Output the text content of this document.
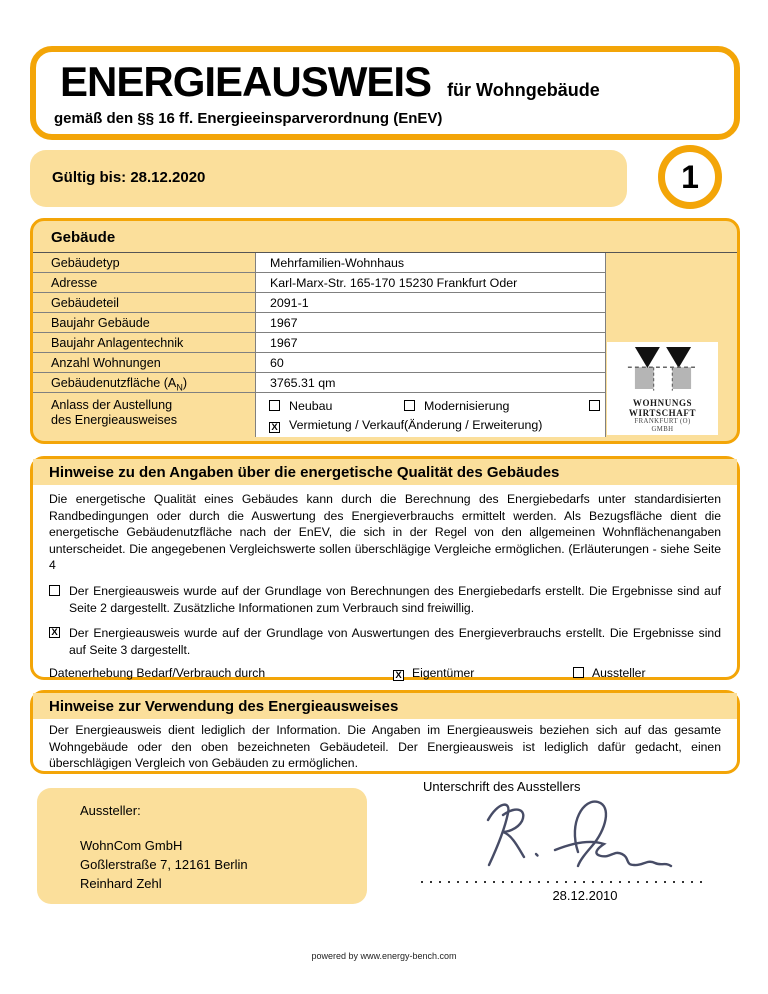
ENERGIEAUSWEIS für Wohngebäude
gemäß den §§ 16 ff. Energieeinsparverordnung (EnEV)
Gültig bis: 28.12.2020	1
Gebäude
Gebäudetyp	Mehrfamilien-Wohnhaus
Adresse	Karl-Marx-Str. 165-170 15230 Frankfurt Oder
Gebäudeteil	2091-1
Baujahr Gebäude	1967
Baujahr Anlagentechnik	1967
Anzahl Wohnungen	60
Gebäudenutzfläche $(A_N)$	3765.31 qm
Anlass der Austellung
des Energieausweises
Neubau	Modernisierung
X Vermietung / Verkauf (Änderung / Erweiterung)
WOHNUNGS
WIRTSCHAFT
FRANKFURT (O)
GMBH
Hinweise zu den Angaben über die energetische Qualität des Gebäudes

Die energetische Qualität eines Gebäudes kann durch die Berechnung des Energiebedarfs unter standardisierten Randbedingungen oder durch die Auswertung des Energieverbrauchs ermittelt werden. Als Bezugsfläche dient die energetische Gebäudenutzfläche nach der EnEV, die sich in der Regel von den allgemeinen Wohnflächenangaben unterscheidet. Die angegebenen Vergleichswerte sollen überschlägige Vergleiche ermöglichen. (Erläuterungen - siehe Seite 4

Der Energieausweis wurde auf der Grundlage von Berechnungen des Energiebedarfs erstellt. Die Ergebnisse sind auf Seite 2 dargestellt. Zusätzliche Informationen zum Verbrauch sind freiwillig.
X Der Energieausweis wurde auf der Grundlage von Auswertungen des Energieverbrauchs erstellt. Die Ergebnisse sind auf Seite 3 dargestellt.
Datenerhebung Bedarf/Verbrauch durch	X Eigentümer	Aussteller
Hinweise zur Verwendung des Energieausweises

Der Energieausweis dient lediglich der Information. Die Angaben im Energieausweis beziehen sich auf das gesamte Wohngebäude oder den oben bezeichneten Gebäudeteil. Der Energieausweis ist lediglich dafür gedacht, einen überschlägigen Vergleich von Gebäuden zu ermöglichen.

Aussteller:
WohnCom GmbH
Goßlerstraße 7, 12161 Berlin
Reinhard Zehl
Unterschrift des Ausstellers
28.12.2010
powered by www.energy-bench.com
